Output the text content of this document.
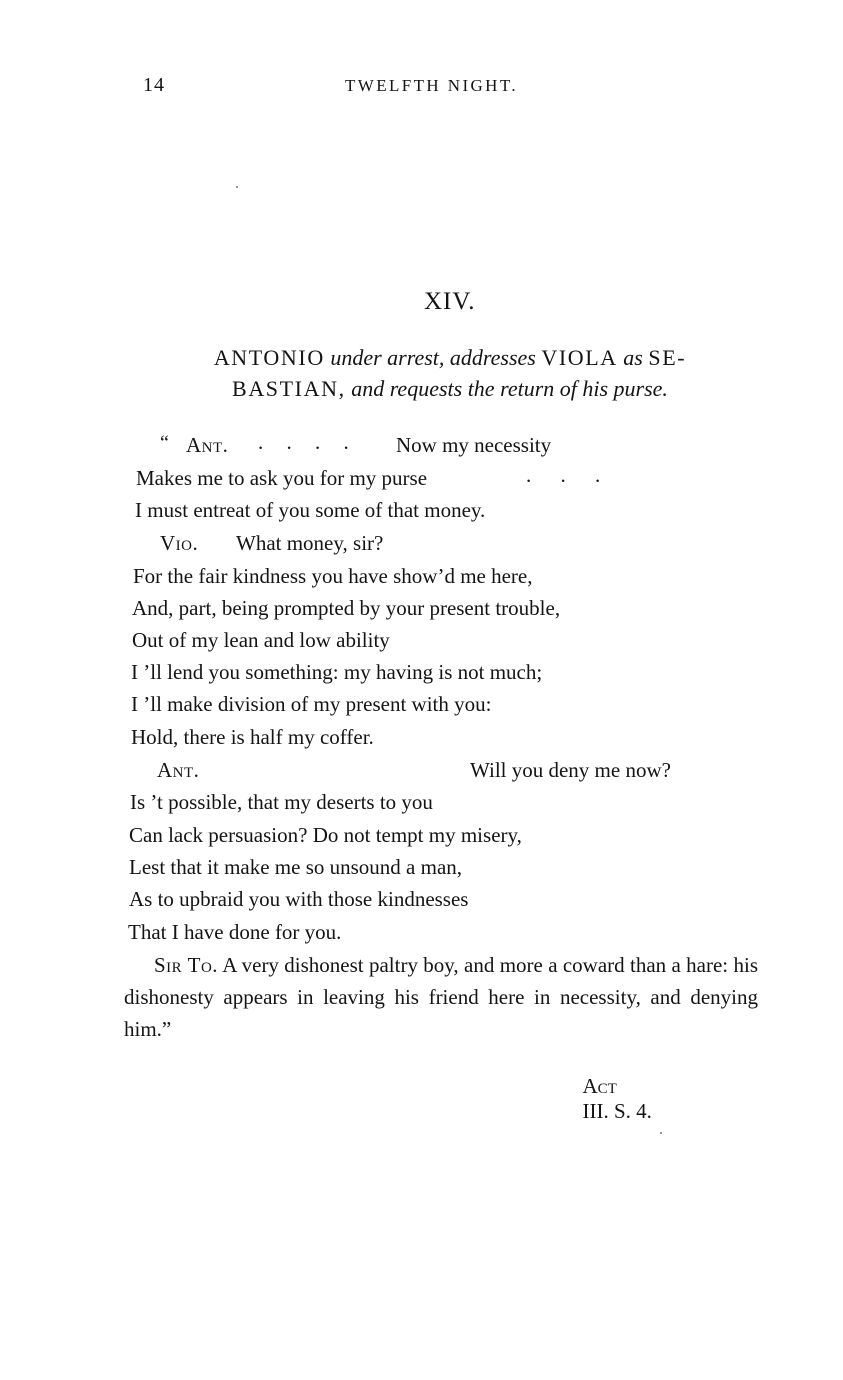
14	TWELFTH NIGHT.
XIV.
ANTONIO under arrest, addresses VIOLA as SE-
BASTIAN, and requests the return of his purse.
“ Ant. . . . . Now my necessity
Makes me to ask you for my purse	. . .
I must entreat of you some of that money.
Vio. What money, sir?
For the fair kindness you have show’d me here,
And, part, being prompted by your present trouble,
Out of my lean and low ability
I ’ll lend you something: my having is not much;
I ’ll make division of my present with you:
Hold, there is half my coffer.
Ant.	Will you deny me now?
Is ’t possible, that my deserts to you
Can lack persuasion? Do not tempt my misery,
Lest that it make me so unsound a man,
As to upbraid you with those kindnesses
That I have done for you.
Sir To. A very dishonest paltry boy, and more a coward than a hare: his dishonesty appears in leaving his friend here in necessity, and denying him.”

Act
III. S. 4.
